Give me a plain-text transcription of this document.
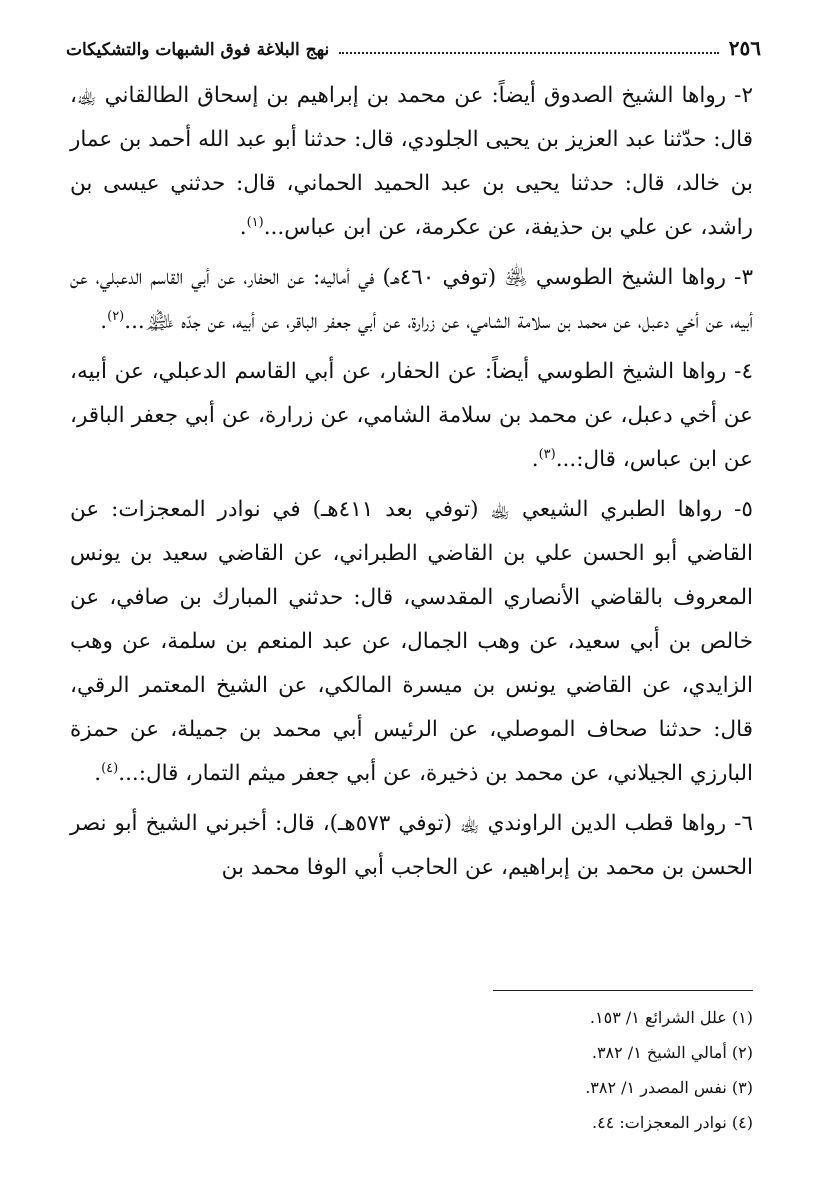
٢٥٦
نهج البلاغة فوق الشبهات والتشكيكات

٢- رواها الشيخ الصدوق أيضاً: عن محمد بن إبراهيم بن إسحاق الطالقاني ﵀، قال: حدّثنا عبد العزيز بن يحيى الجلودي، قال: حدثنا أبو عبد الله أحمد بن عمار بن خالد، قال: حدثنا يحيى بن عبد الحميد الحماني، قال: حدثني عيسى بن راشد، عن علي بن حذيفة، عن عكرمة، عن ابن عباس...$^{(١)}$.

٣- رواها الشيخ الطوسي ﵁ (توفي ٤٦٠هـ) في أماليه: عن الحفار، عن أبي القاسم الدعبلي، عن أبيه، عن أخي دعبل، عن محمد بن سلامة الشامي، عن زرارة، عن أبي جعفر الباقر، عن أبيه، عن جدّه ﵈...$^{(٢)}$.

٤- رواها الشيخ الطوسي أيضاً: عن الحفار، عن أبي القاسم الدعبلي، عن أبيه، عن أخي دعبل، عن محمد بن سلامة الشامي، عن زرارة، عن أبي جعفر الباقر، عن ابن عباس، قال:...$^{(٣)}$.

٥- رواها الطبري الشيعي ﵀ (توفي بعد ٤١١هـ) في نوادر المعجزات: عن القاضي أبو الحسن علي بن القاضي الطبراني، عن القاضي سعيد بن يونس المعروف بالقاضي الأنصاري المقدسي، قال: حدثني المبارك بن صافي، عن خالص بن أبي سعيد، عن وهب الجمال، عن عبد المنعم بن سلمة، عن وهب الزايدي، عن القاضي يونس بن ميسرة المالكي، عن الشيخ المعتمر الرقي، قال: حدثنا صحاف الموصلي، عن الرئيس أبي محمد بن جميلة، عن حمزة البارزي الجيلاني، عن محمد بن ذخيرة، عن أبي جعفر ميثم التمار، قال:...$^{(٤)}$.

٦- رواها قطب الدين الراوندي ﵀ (توفي ٥٧٣هـ)، قال: أخبرني الشيخ أبو نصر الحسن بن محمد بن إبراهيم، عن الحاجب أبي الوفا محمد بن

(١) علل الشرائع ١/ ١٥٣.
(٢) أمالي الشيخ ١/ ٣٨٢.
(٣) نفس المصدر ١/ ٣٨٢.
(٤) نوادر المعجزات: ٤٤.
